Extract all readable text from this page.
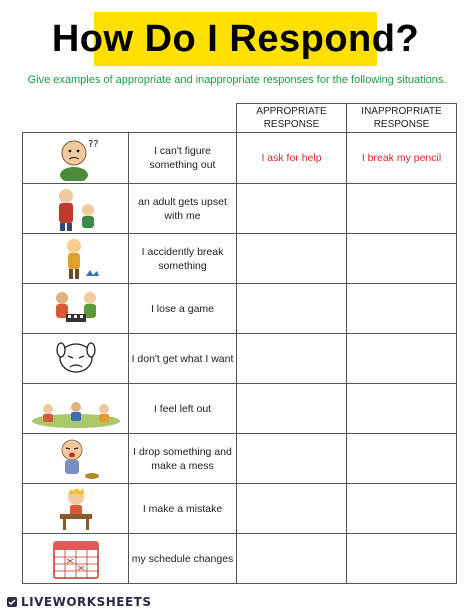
How Do I Respond?
Give examples of appropriate and inappropriate responses for the following situations.
		APPROPRIATE RESPONSE	INAPPROPRIATE RESPONSE

??	I can't figure something out	I ask for help	I break my pencil

	an adult gets upset with me		

	I accidently break something		

	I lose a game		

	I don't get what I want		

	I feel left out		

	I drop something and make a mess		

	I make a mistake		

	my schedule changes		
LIVEWORKSHEETS
